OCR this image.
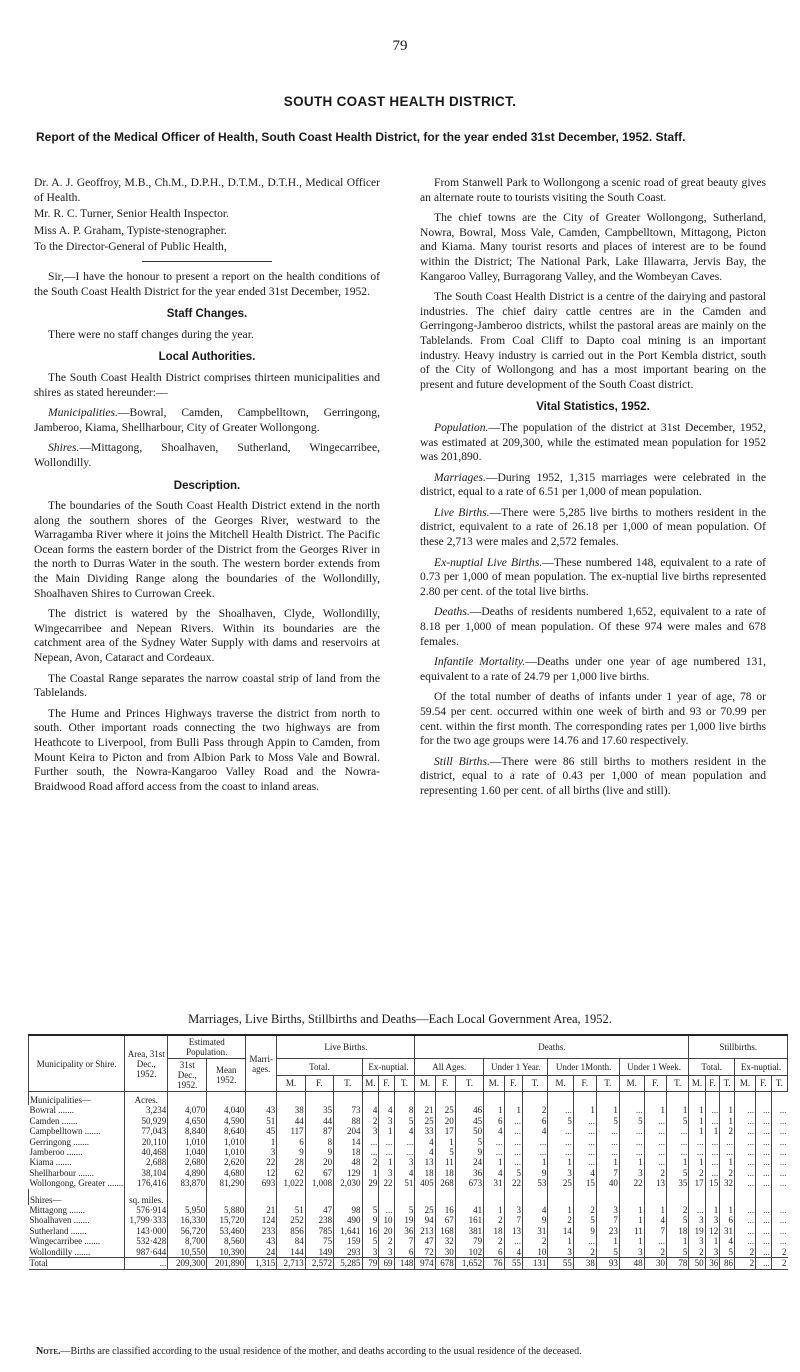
79
SOUTH COAST HEALTH DISTRICT.
Report of the Medical Officer of Health, South Coast Health District, for the year ended 31st December, 1952. Staff.

Dr. A. J. Geoffroy, M.B., Ch.M., D.P.H., D.T.M., D.T.H., Medical Officer of Health.

Mr. R. C. Turner, Senior Health Inspector.

Miss A. P. Graham, Typiste-stenographer.

To the Director-General of Public Health,

Sir,—I have the honour to present a report on the health conditions of the South Coast Health District for the year ended 31st December, 1952.

Staff Changes.

There were no staff changes during the year.

Local Authorities.

The South Coast Health District comprises thirteen municipalities and shires as stated hereunder:—

Municipalities.—Bowral, Camden, Campbelltown, Gerringong, Jamberoo, Kiama, Shellharbour, City of Greater Wollongong.

Shires.—Mittagong, Shoalhaven, Sutherland, Wingecarribee, Wollondilly.

Description.

The boundaries of the South Coast Health District extend in the north along the southern shores of the Georges River, westward to the Warragamba River where it joins the Mitchell Health District. The Pacific Ocean forms the eastern border of the District from the Georges River in the north to Durras Water in the south. The western border extends from the Main Dividing Range along the boundaries of the Wollondilly, Shoalhaven Shires to Currowan Creek.

The district is watered by the Shoalhaven, Clyde, Wollondilly, Wingecarribee and Nepean Rivers. Within its boundaries are the catchment area of the Sydney Water Supply with dams and reservoirs at Nepean, Avon, Cataract and Cordeaux.

The Coastal Range separates the narrow coastal strip of land from the Tablelands.

The Hume and Princes Highways traverse the district from north to south. Other important roads connecting the two highways are from Heathcote to Liverpool, from Bulli Pass through Appin to Camden, from Mount Keira to Picton and from Albion Park to Moss Vale and Bowral. Further south, the Nowra-Kangaroo Valley Road and the Nowra-Braidwood Road afford access from the coast to inland areas.

From Stanwell Park to Wollongong a scenic road of great beauty gives an alternate route to tourists visiting the South Coast.

The chief towns are the City of Greater Wollongong, Sutherland, Nowra, Bowral, Moss Vale, Camden, Campbelltown, Mittagong, Picton and Kiama. Many tourist resorts and places of interest are to be found within the District; The National Park, Lake Illawarra, Jervis Bay, the Kangaroo Valley, Burragorang Valley, and the Wombeyan Caves.

The South Coast Health District is a centre of the dairying and pastoral industries. The chief dairy cattle centres are in the Camden and Gerringong-Jamberoo districts, whilst the pastoral areas are mainly on the Tablelands. From Coal Cliff to Dapto coal mining is an important industry. Heavy industry is carried out in the Port Kembla district, south of the City of Wollongong and has a most important bearing on the present and future development of the South Coast district.

Vital Statistics, 1952.

Population.—The population of the district at 31st December, 1952, was estimated at 209,300, while the estimated mean population for 1952 was 201,890.

Marriages.—During 1952, 1,315 marriages were celebrated in the district, equal to a rate of 6.51 per 1,000 of mean population.

Live Births.—There were 5,285 live births to mothers resident in the district, equivalent to a rate of 26.18 per 1,000 of mean population. Of these 2,713 were males and 2,572 females.

Ex-nuptial Live Births.—These numbered 148, equivalent to a rate of 0.73 per 1,000 of mean population. The ex-nuptial live births represented 2.80 per cent. of the total live births.

Deaths.—Deaths of residents numbered 1,652, equivalent to a rate of 8.18 per 1,000 of mean population. Of these 974 were males and 678 females.

Infantile Mortality.—Deaths under one year of age numbered 131, equivalent to a rate of 24.79 per 1,000 live births.

Of the total number of deaths of infants under 1 year of age, 78 or 59.54 per cent. occurred within one week of birth and 93 or 70.99 per cent. within the first month. The corresponding rates per 1,000 live births for the two age groups were 14.76 and 17.60 respectively.

Still Births.—There were 86 still births to mothers resident in the district, equal to a rate of 0.43 per 1,000 of mean population and representing 1.60 per cent. of all births (live and still).

Marriages, Live Births, Stillbirths and Deaths—Each Local Government Area, 1952.
Municipality or Shire.	Area, 31st Dec., 1952.	Estimated Population.		Marri-ages.	Live Births.						Deaths.												Stillbirths.					
		31st Dec., 1952.	Mean 1952.		Total.			Ex-nuptial.			All Ages.			Under 1 Year.			Under 1Month.			Under 1 Week.			Total.			Ex-nuptial.		
					M.	F.	T.	M.	F.	T.	M.	F.	T.	M.	F.	T.	M.	F.	T.	M.	F.	T.	M.	F.	T.	M.	F.	T.
Municipalities—	Acres.																											
Bowral .......	3,234	4,070	4,040	43	38	35	73	4	4	8	21	25	46	1	1	2	...	1	1	...	1	1	1	...	1	...	...	...
Camden .......	50,929	4,650	4,590	51	44	44	88	2	3	5	25	20	45	6	...	6	5	...	5	5	...	5	1	...	1	...	...	...
Campbelltown .......	77,043	8,840	8,640	45	117	87	204	3	1	4	33	17	50	4	...	4	...	...	...	...	...	...	1	1	2	...	...	...
Gerringong .......	20,110	1,010	1,010	1	6	8	14	...	...	...	4	1	5	...	...	...	...	...	...	...	...	...	...	...	...	...	...	...
Jamberoo .......	40,468	1,040	1,010	3	9	9	18	...	...	...	4	5	9	...	...	...	...	...	...	...	...	...	...	...	...	...	...	...
Kiama .......	2,688	2,680	2,620	22	28	20	48	2	1	3	13	11	24	1	...	1	1	...	1	1	...	1	1	...	1	...	...	...
Shellharbour .......	38,104	4,890	4,680	12	62	67	129	1	3	4	18	18	36	4	5	9	3	4	7	3	2	5	2	...	2	...	...	...
Wollongong, Greater .......	176,416	83,870	81,290	693	1,022	1,008	2,030	29	22	51	405	268	673	31	22	53	25	15	40	22	13	35	17	15	32	...	...	...

Shires—	sq. miles.																											
Mittagong .......	576·914	5,950	5,880	21	51	47	98	5	...	5	25	16	41	1	3	4	1	2	3	1	1	2	...	1	1	...	...	...
Shoalhaven .......	1,799·333	16,330	15,720	124	252	238	490	9	10	19	94	67	161	2	7	9	2	5	7	1	4	5	3	3	6	...	...	...
Sutherland .......	143·000	56,720	53,460	233	856	785	1,641	16	20	36	213	168	381	18	13	31	14	9	23	11	7	18	19	12	31	...	...	...
Wingecarribee .......	532·428	8,700	8,560	43	84	75	159	5	2	7	47	32	79	2	...	2	1	...	1	1	...	1	3	1	4	...	...	...
Wollondilly .......	987·644	10,550	10,390	24	144	149	293	3	3	6	72	30	102	6	4	10	3	2	5	3	2	5	2	3	5	2	...	2
Total	...	209,300	201,890	1,315	2,713	2,572	5,285	79	69	148	974	678	1,652	76	55	131	55	38	93	48	30	78	50	36	86	2	...	2
Note.—Births are classified according to the usual residence of the mother, and deaths according to the usual residence of the deceased.
